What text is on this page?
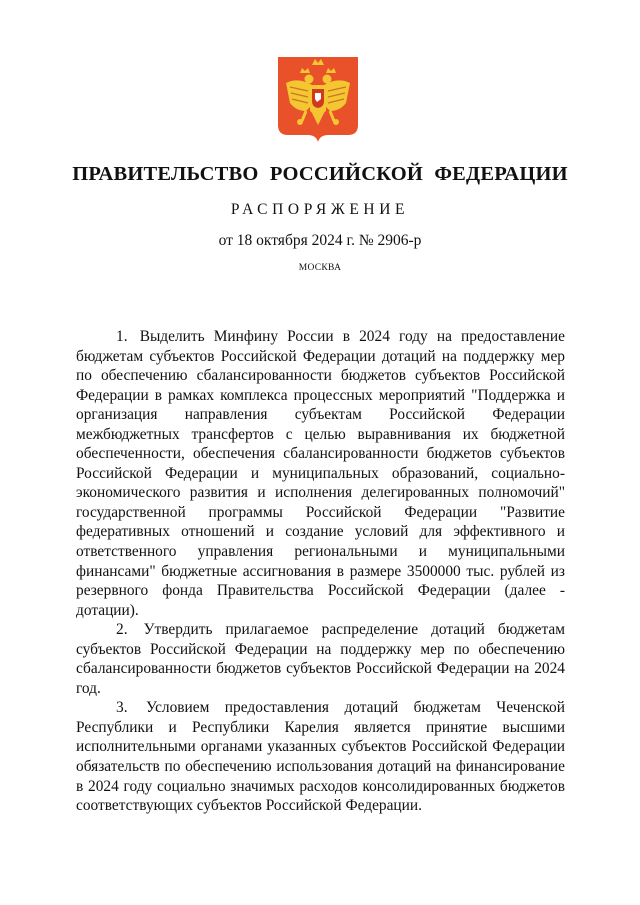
ПРАВИТЕЛЬСТВО РОССИЙСКОЙ ФЕДЕРАЦИИ
РАСПОРЯЖЕНИЕ
от 18 октября 2024 г. № 2906-р
МОСКВА

1. Выделить Минфину России в 2024 году на предоставление бюджетам субъектов Российской Федерации дотаций на поддержку мер по обеспечению сбалансированности бюджетов субъектов Российской Федерации в рамках комплекса процессных мероприятий "Поддержка и организация направления субъектам Российской Федерации межбюджетных трансфертов с целью выравнивания их бюджетной обеспеченности, обеспечения сбалансированности бюджетов субъектов Российской Федерации и муниципальных образований, социально-экономического развития и исполнения делегированных полномочий" государственной программы Российской Федерации "Развитие федеративных отношений и создание условий для эффективного и ответственного управления региональными и муниципальными финансами" бюджетные ассигнования в размере 3500000 тыс. рублей из резервного фонда Правительства Российской Федерации (далее - дотации).

2. Утвердить прилагаемое распределение дотаций бюджетам субъектов Российской Федерации на поддержку мер по обеспечению сбалансированности бюджетов субъектов Российской Федерации на 2024 год.

3. Условием предоставления дотаций бюджетам Чеченской Республики и Республики Карелия является принятие высшими исполнительными органами указанных субъектов Российской Федерации обязательств по обеспечению использования дотаций на финансирование в 2024 году социально значимых расходов консолидированных бюджетов соответствующих субъектов Российской Федерации.
